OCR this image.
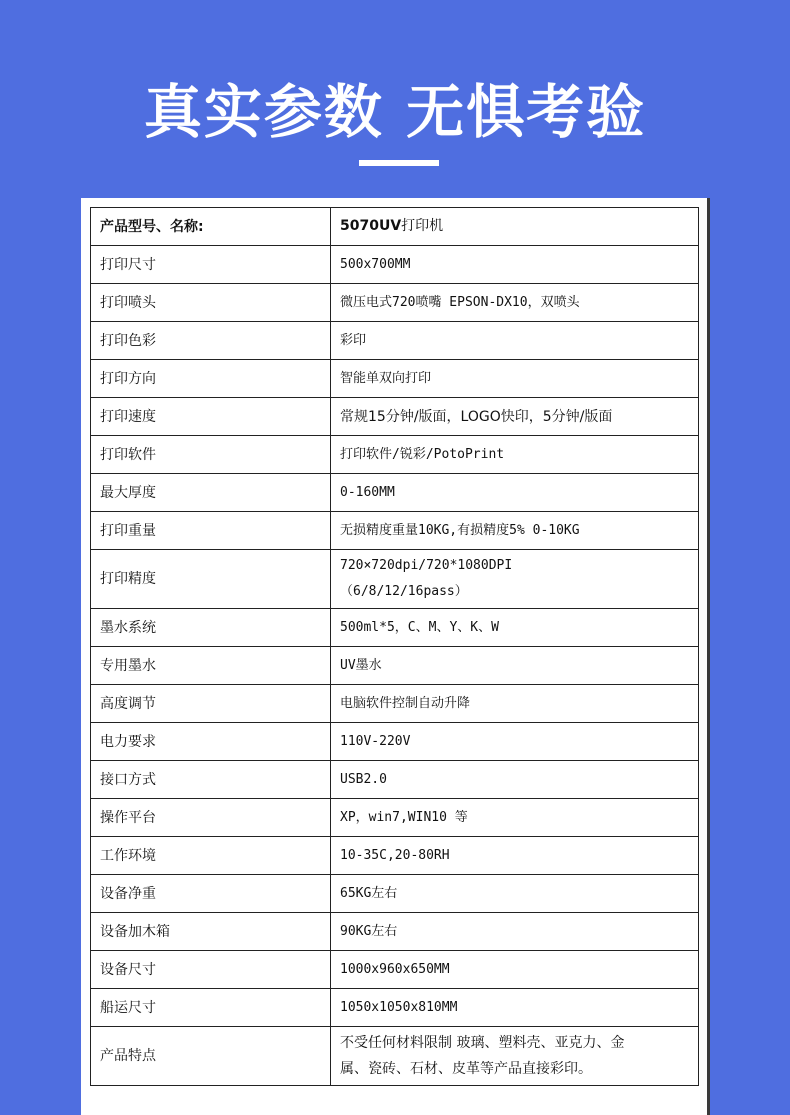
真实参数 无惧考验
产品型号、名称:	5070UV打印机
打印尺寸	500x700MM
打印喷头	微压电式720喷嘴 EPSON-DX10，双喷头
打印色彩	彩印
打印方向	智能单双向打印
打印速度	常规15分钟/版面，LOGO快印，5分钟/版面
打印软件	打印软件/锐彩/PotoPrint
最大厚度	0-160MM
打印重量	无损精度重量10KG,有损精度5% 0-10KG
打印精度	720×720dpi/720*1080DPI
（6/8/12/16pass）

墨水系统	500ml*5，C、M、Y、K、W
专用墨水	UV墨水
高度调节	电脑软件控制自动升降
电力要求	110V-220V
接口方式	USB2.0
操作平台	XP，win7,WIN10 等
工作环境	10-35C,20-80RH
设备净重	65KG左右
设备加木箱	90KG左右
设备尺寸	1000x960x650MM
船运尺寸	1050x1050x810MM
产品特点	不受任何材料限制 玻璃、塑料壳、亚克力、金
属、瓷砖、石材、皮革等产品直接彩印。
